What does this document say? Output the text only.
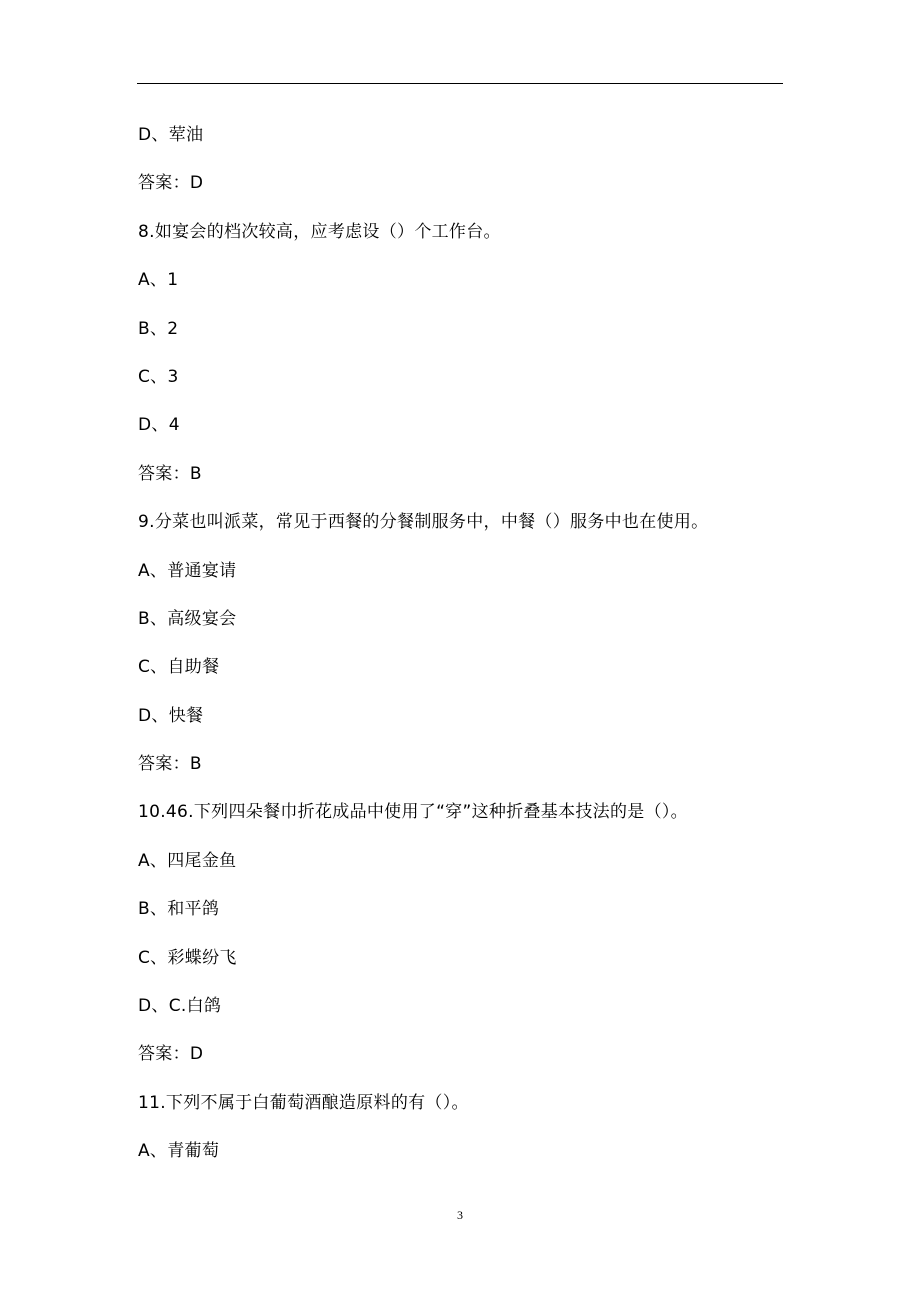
D、荤油
答案：D
8.如宴会的档次较高，应考虑设（）个工作台。
A、1
B、2
C、3
D、4
答案：B
9.分菜也叫派菜，常见于西餐的分餐制服务中，中餐（）服务中也在使用。
A、普通宴请
B、高级宴会
C、自助餐
D、快餐
答案：B
10.46.下列四朵餐巾折花成品中使用了“穿”这种折叠基本技法的是（）。
A、四尾金鱼
B、和平鸽
C、彩蝶纷飞
D、C.白鸽
答案：D
11.下列不属于白葡萄酒酿造原料的有（）。
A、青葡萄
3
